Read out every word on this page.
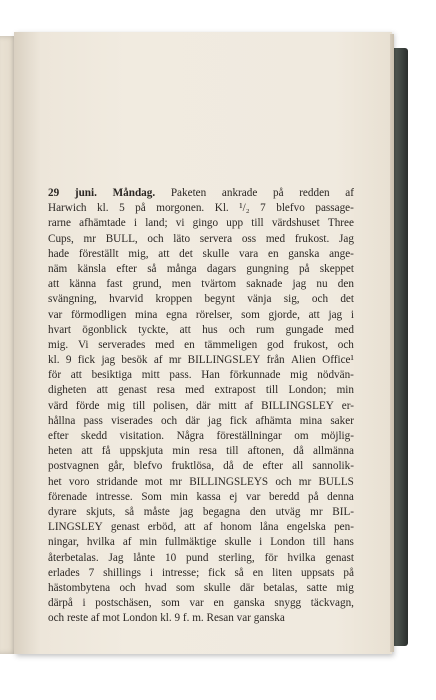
29 juni. Måndag. Paketen ankrade på redden af
Harwich kl. 5 på morgonen. Kl. ¹/₂ 7 blefvo passage-
rarne afhämtade i land; vi gingo upp till värdshuset Three
Cups, mr BULL, och läto servera oss med frukost. Jag
hade föreställt mig, att det skulle vara en ganska ange-
näm känsla efter så många dagars gungning på skeppet
att känna fast grund, men tvärtom saknade jag nu den
svängning, hvarvid kroppen begynt vänja sig, och det
var förmodligen mina egna rörelser, som gjorde, att jag i
hvart ögonblick tyckte, att hus och rum gungade med
mig. Vi serverades med en tämmeligen god frukost, och
kl. 9 fick jag besök af mr BILLINGSLEY från Alien Office¹
för att besiktiga mitt pass. Han förkunnade mig nödvän-
digheten att genast resa med extrapost till London; min
värd förde mig till polisen, där mitt af BILLINGSLEY er-
hållna pass viserades och där jag fick afhämta mina saker
efter skedd visitation. Några föreställningar om möjlig-
heten att få uppskjuta min resa till aftonen, då allmänna
postvagnen går, blefvo fruktlösa, då de efter all sannolik-
het voro stridande mot mr BILLINGSLEYS och mr BULLS
förenade intresse. Som min kassa ej var beredd på denna
dyrare skjuts, så måste jag begagna den utväg mr BIL-
LINGSLEY genast erböd, att af honom låna engelska pen-
ningar, hvilka af min fullmäktige skulle i London till hans
återbetalas. Jag lånte 10 pund sterling, för hvilka genast
erlades 7 shillings i intresse; fick så en liten uppsats på
hästombytena och hvad som skulle där betalas, satte mig
därpå i postschäsen, som var en ganska snygg täckvagn,
och reste af mot London kl. 9 f. m. Resan var ganska
